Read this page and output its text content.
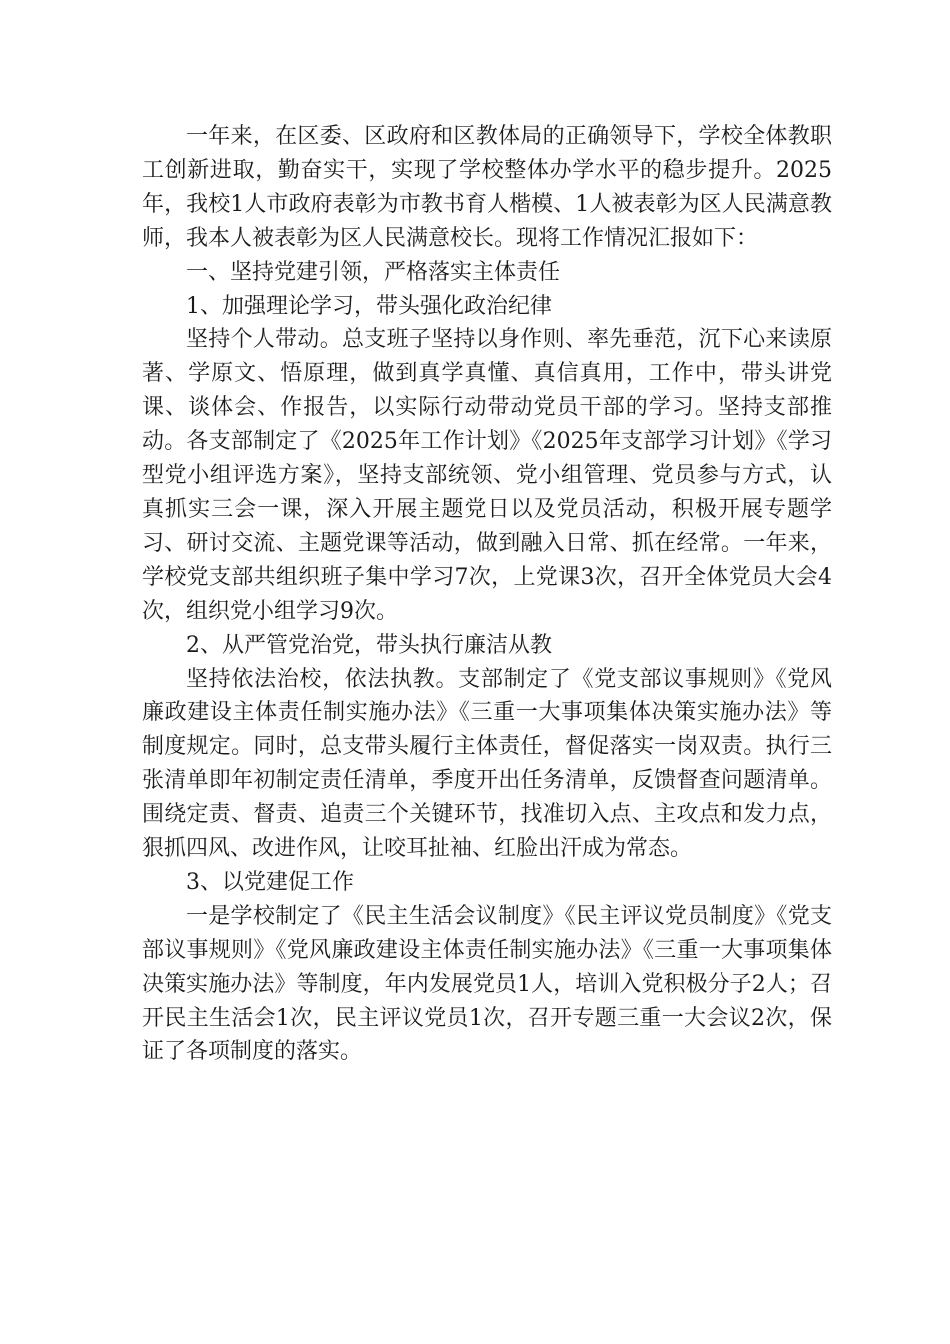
一年来，在区委、区政府和区教体局的正确领导下，学校全体教职工创新进取，勤奋实干，实现了学校整体办学水平的稳步提升。2025年，我校1人市政府表彰为市教书育人楷模、1人被表彰为区人民满意教师，我本人被表彰为区人民满意校长。现将工作情况汇报如下：

一、坚持党建引领，严格落实主体责任

1、加强理论学习，带头强化政治纪律

坚持个人带动。总支班子坚持以身作则、率先垂范，沉下心来读原著、学原文、悟原理，做到真学真懂、真信真用，工作中，带头讲党课、谈体会、作报告，以实际行动带动党员干部的学习。坚持支部推动。各支部制定了《2025年工作计划》《2025年支部学习计划》《学习型党小组评选方案》，坚持支部统领、党小组管理、党员参与方式，认真抓实三会一课，深入开展主题党日以及党员活动，积极开展专题学习、研讨交流、主题党课等活动，做到融入日常、抓在经常。一年来，学校党支部共组织班子集中学习7次，上党课3次，召开全体党员大会4次，组织党小组学习9次。

2、从严管党治党，带头执行廉洁从教

坚持依法治校，依法执教。支部制定了《党支部议事规则》《党风廉政建设主体责任制实施办法》《三重一大事项集体决策实施办法》等制度规定。同时，总支带头履行主体责任，督促落实一岗双责。执行三张清单即年初制定责任清单，季度开出任务清单，反馈督查问题清单。围绕定责、督责、追责三个关键环节，找准切入点、主攻点和发力点，狠抓四风、改进作风，让咬耳扯袖、红脸出汗成为常态。

3、以党建促工作

一是学校制定了《民主生活会议制度》《民主评议党员制度》《党支部议事规则》《党风廉政建设主体责任制实施办法》《三重一大事项集体决策实施办法》等制度，年内发展党员1人，培训入党积极分子2人；召开民主生活会1次，民主评议党员1次，召开专题三重一大会议2次，保证了各项制度的落实。
